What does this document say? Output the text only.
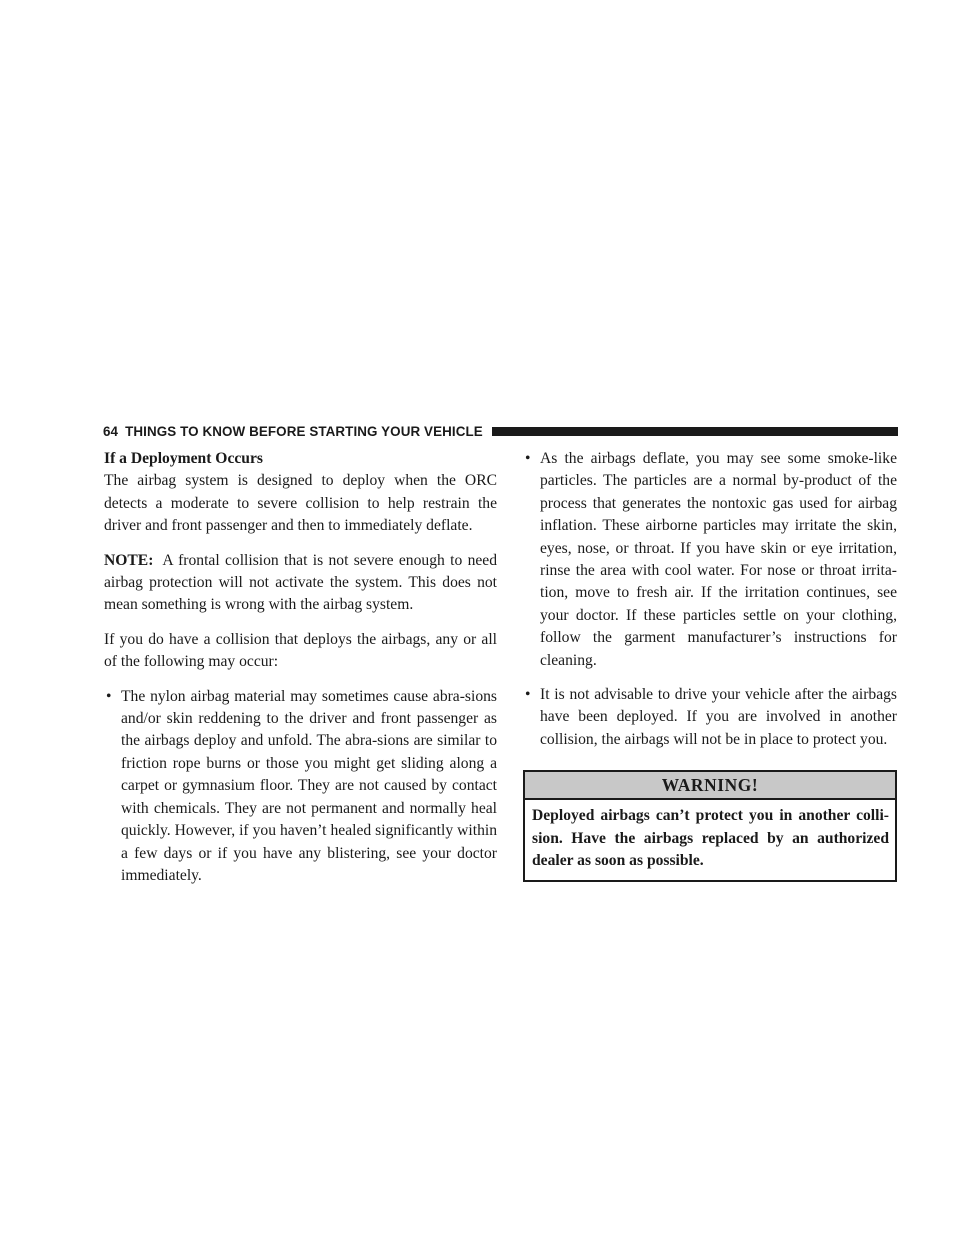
64 THINGS TO KNOW BEFORE STARTING YOUR VEHICLE

If a Deployment Occurs

The airbag system is designed to deploy when the ORC detects a moderate to severe collision to help restrain the driver and front passenger and then to immediately deflate.

NOTE: A frontal collision that is not severe enough to need airbag protection will not activate the system. This does not mean something is wrong with the airbag system.

If you do have a collision that deploys the airbags, any or all of the following may occur:

• The nylon airbag material may sometimes cause abra-sions and/or skin reddening to the driver and front passenger as the airbags deploy and unfold. The abra-sions are similar to friction rope burns or those you might get sliding along a carpet or gymnasium floor. They are not caused by contact with chemicals. They are not permanent and normally heal quickly. However, if you haven’t healed significantly within a few days or if you have any blistering, see your doctor immediately.

• As the airbags deflate, you may see some smoke-like particles. The particles are a normal by-product of the process that generates the nontoxic gas used for airbag inflation. These airborne particles may irritate the skin, eyes, nose, or throat. If you have skin or eye irritation, rinse the area with cool water. For nose or throat irrita-tion, move to fresh air. If the irritation continues, see your doctor. If these particles settle on your clothing, follow the garment manufacturer’s instructions for cleaning.

• It is not advisable to drive your vehicle after the airbags have been deployed. If you are involved in another collision, the airbags will not be in place to protect you.

WARNING!
Deployed airbags can’t protect you in another colli-sion. Have the airbags replaced by an authorized dealer as soon as possible.
